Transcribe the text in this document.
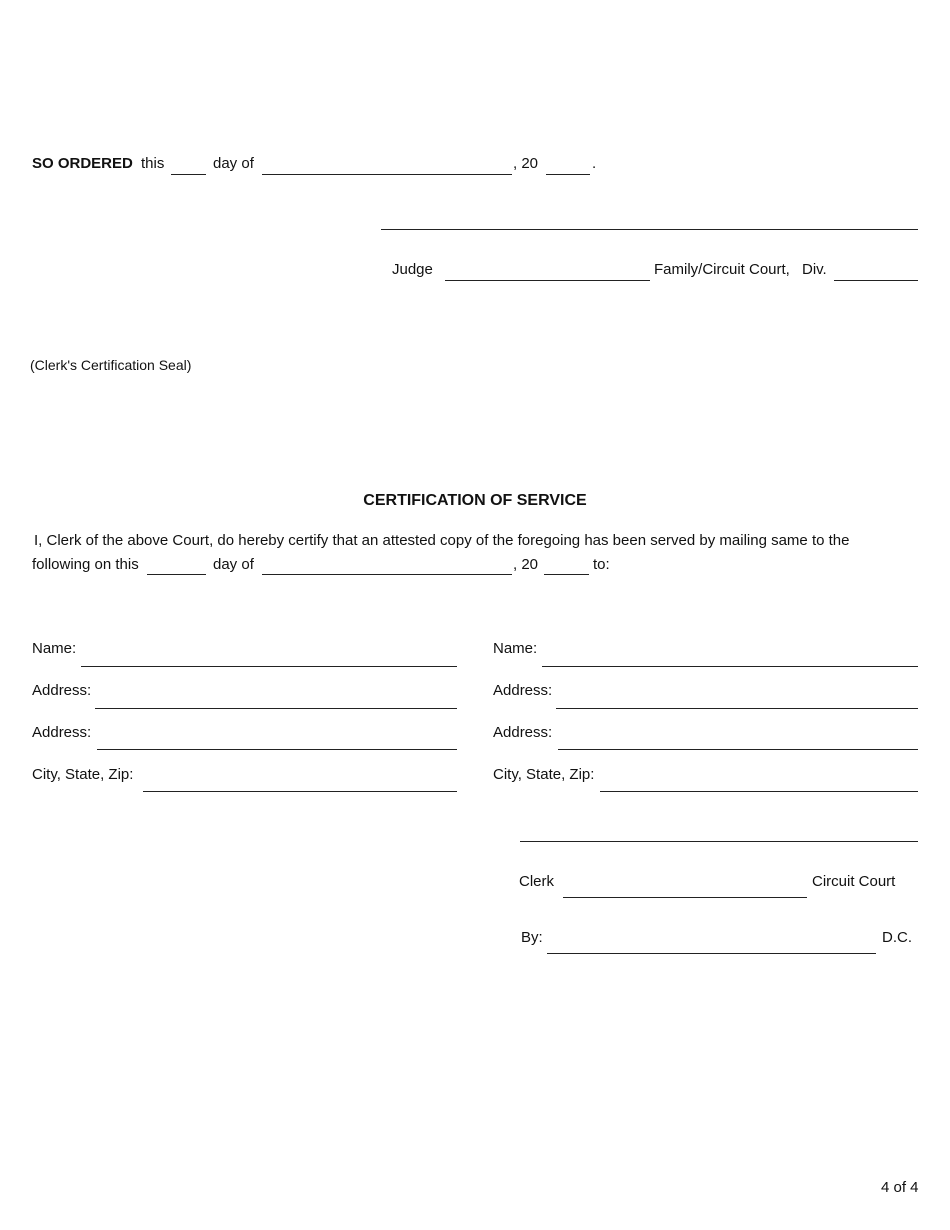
SO ORDERED this	day of	, 20	.
Judge	Family/Circuit Court, Div.
(Clerk's Certification Seal)
CERTIFICATION OF SERVICE
I, Clerk of the above Court, do hereby certify that an attested copy of the foregoing has been served by mailing same to the
following on this	day of	, 20	to:
Name:
Address:
Address:
City, State, Zip:
Name:
Address:
Address:
City, State, Zip:
Clerk	Circuit Court
By:	D.C.
4 of 4
